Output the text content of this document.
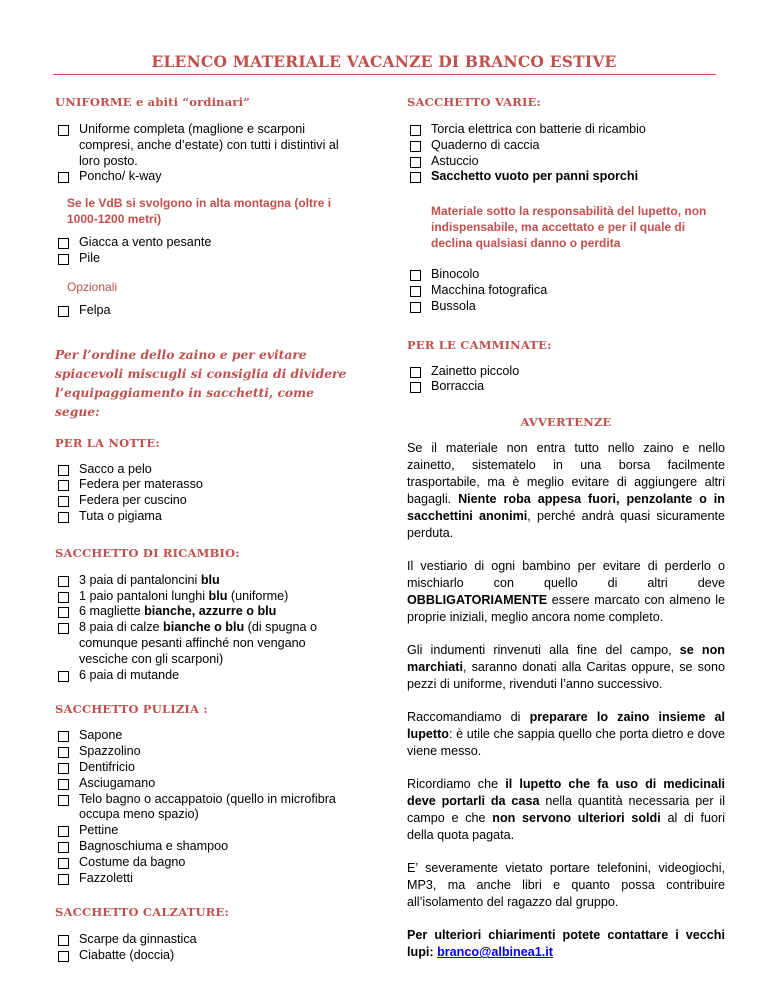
ELENCO MATERIALE VACANZE DI BRANCO ESTIVE
UNIFORME e abiti “ordinari”
Uniforme completa (maglione e scarponi compresi, anche d’estate) con tutti i distintivi al loro posto.
Poncho/ k-way

Se le VdB si svolgono in alta montagna (oltre i 1000-1200 metri)

Giacca a vento pesante
Pile

Opzionali

Felpa

Per l’ordine dello zaino e per evitare spiacevoli miscugli si consiglia di dividere l’equipaggiamento in sacchetti, come segue:

PER LA NOTTE:
Sacco a pelo
Federa per materasso
Federa per cuscino
Tuta o pigiama
SACCHETTO DI RICAMBIO:
3 paia di pantaloncini blu
1 paio pantaloni lunghi blu (uniforme)
6 magliette bianche, azzurre o blu
8 paia di calze bianche o blu (di spugna o comunque pesanti affinché non vengano vesciche con gli scarponi)
6 paia di mutande
SACCHETTO PULIZIA :
Sapone
Spazzolino
Dentifricio
Asciugamano
Telo bagno o accappatoio (quello in microfibra occupa meno spazio)
Pettine
Bagnoschiuma e shampoo
Costume da bagno
Fazzoletti
SACCHETTO CALZATURE:
Scarpe da ginnastica
Ciabatte (doccia)
SACCHETTO VARIE:
Torcia elettrica con batterie di ricambio
Quaderno di caccia
Astuccio
Sacchetto vuoto per panni sporchi

Materiale sotto la responsabilità del lupetto, non indispensabile, ma accettato e per il quale di declina qualsiasi danno o perdita

Binocolo
Macchina fotografica
Bussola
PER LE CAMMINATE:
Zainetto piccolo
Borraccia
AVVERTENZE

Se il materiale non entra tutto nello zaino e nello zainetto, sistematelo in una borsa facilmente trasportabile, ma è meglio evitare di aggiungere altri bagagli. Niente roba appesa fuori, penzolante o in sacchettini anonimi, perché andrà quasi sicuramente perduta.

Il vestiario di ogni bambino per evitare di perderlo o mischiarlo con quello di altri deve OBBLIGATORIAMENTE essere marcato con almeno le proprie iniziali, meglio ancora nome completo.

Gli indumenti rinvenuti alla fine del campo, se non marchiati, saranno donati alla Caritas oppure, se sono pezzi di uniforme, rivenduti l’anno successivo.

Raccomandiamo di preparare lo zaino insieme al lupetto: è utile che sappia quello che porta dietro e dove viene messo.

Ricordiamo che il lupetto che fa uso di medicinali deve portarli da casa nella quantità necessaria per il campo e che non servono ulteriori soldi al di fuori della quota pagata.

E’ severamente vietato portare telefonini, videogiochi, MP3, ma anche libri e quanto possa contribuire all’isolamento del ragazzo dal gruppo.

Per ulteriori chiarimenti potete contattare i vecchi lupi: branco@albinea1.it
